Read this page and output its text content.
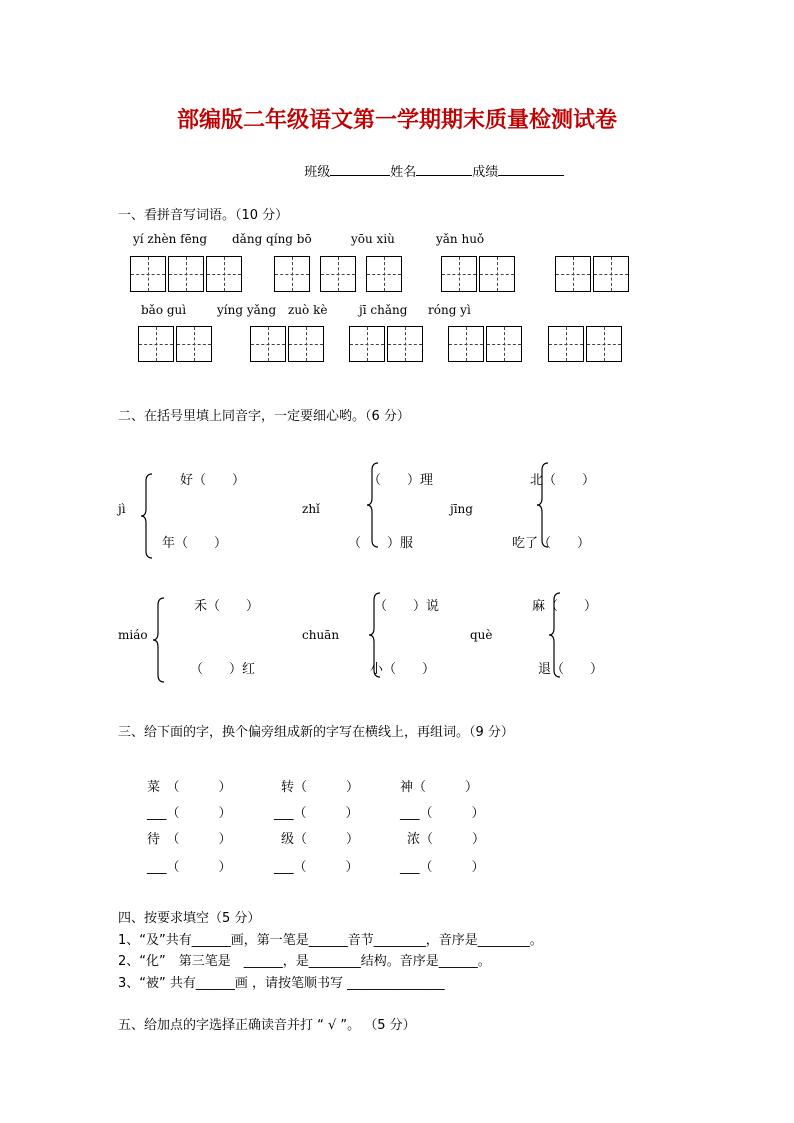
部编版二年级语文第一学期期末质量检测试卷

班级	姓名	成绩

一、看拼音写词语。（10 分）
yí zhèn fēng dǎng qíng bō	yōu xiù	yǎn huǒ
bǎo guì	yíng yǎng zuò kè	jī chǎng róng yì
二、在括号里填上同音字，一定要细心哟。（6 分）
jì
好（　　）
年（　　）
zhǐ
（　　）理
（　　）服
jīng
北（　　）
吃了（　　）
miáo
禾（　　）
（　　）红
chuān
（　　）说
小（　　）
què
麻（　　）
退（　　）
三、给下面的字，换个偏旁组成新的字写在横线上，再组词。（9 分）
菜　（　　　）	转（　　　）	神（　　　）
___（　　　）	___（　　　）	___（　　　）
待　（　　　）	级（　　　）	浓（　　　）
___（　　　）	___（　　　）	___（　　　）
四、按要求填空（5 分）
1、“及”共有______画，第一笔是______音节________，音序是________。
2、“化”　第三笔是　______，是________结构。音序是______。
3、“被” 共有______画 ，请按笔顺书写 _______________
五、给加点的字选择正确读音并打 “ √ ”。 （5 分）
